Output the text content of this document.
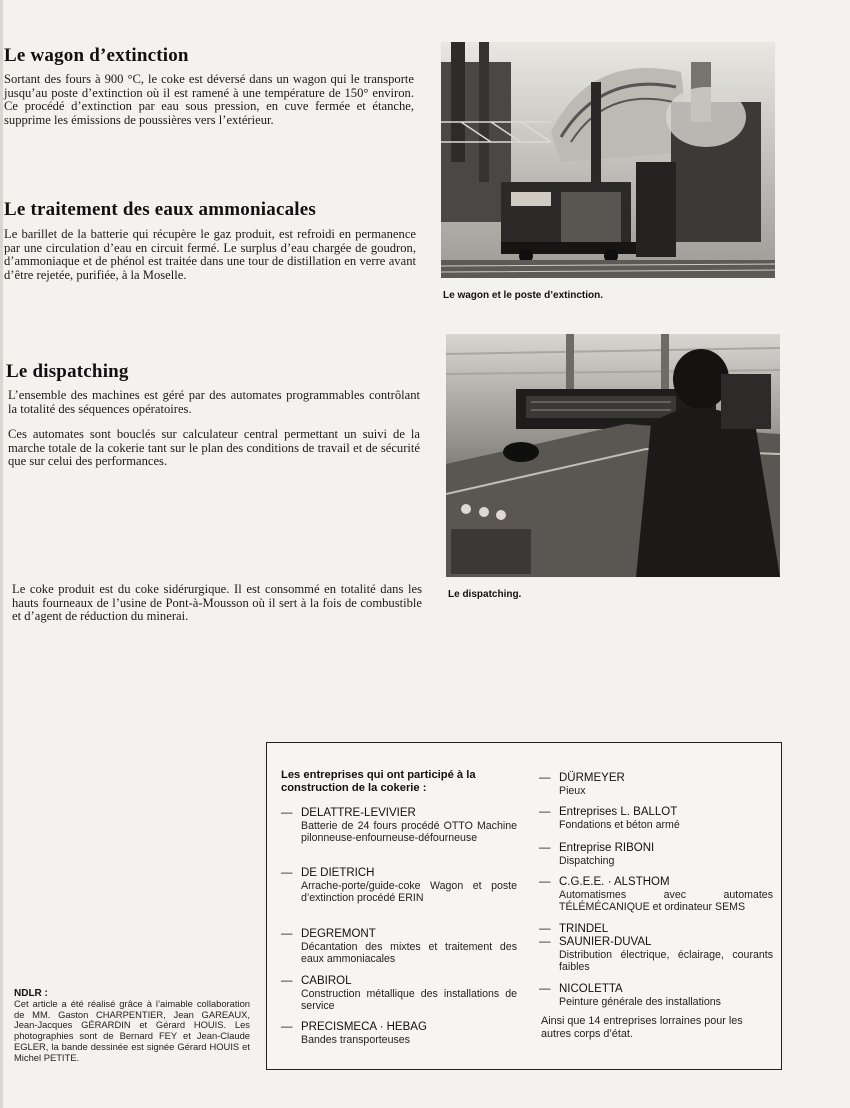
Le wagon d’extinction

Sortant des fours à 900 °C, le coke est déversé dans un wagon qui le transporte jusqu’au poste d’extinction où il est ramené à une température de 150° environ. Ce procédé d’extinction par eau sous pression, en cuve fermée et étanche, supprime les émissions de poussières vers l’extérieur.

Le traitement des eaux ammoniacales

Le barillet de la batterie qui récupère le gaz produit, est refroidi en permanence par une circulation d’eau en circuit fermé. Le surplus d’eau chargée de goudron, d’ammoniaque et de phénol est traitée dans une tour de distillation en verre avant d’être rejetée, purifiée, à la Moselle.

Le dispatching

L’ensemble des machines est géré par des automates programmables contrôlant la totalité des séquences opératoires.

Ces automates sont bouclés sur calculateur central permettant un suivi de la marche totale de la cokerie tant sur le plan des conditions de travail et de sécurité que sur celui des performances.

Le coke produit est du coke sidérurgique. Il est consommé en totalité dans les hauts fourneaux de l’usine de Pont-à-Mousson où il sert à la fois de combustible et d’agent de réduction du minerai.

Le wagon et le poste d’extinction.

Le dispatching.

Les entreprises qui ont participé à la construction de la cokerie :

— DELATTRE-LEVIVIER
Batterie de 24 fours procédé OTTO Machine pilonneuse-enfourneuse-défourneuse
— DE DIETRICH
Arrache-porte/guide-coke Wagon et poste d’extinction procédé ERIN
— DEGREMONT
Décantation des mixtes et traitement des eaux ammoniacales
— CABIROL
Construction métallique des installations de service
— PRECISMECA · HEBAG
Bandes transporteuses
— DÜRMEYER
Pieux
— Entreprises L. BALLOT
Fondations et béton armé
— Entreprise RIBONI
Dispatching
— C.G.E.E. · ALSTHOM
Automatismes avec automates TÉLÉMÉCANIQUE et ordinateur SEMS
— TRINDEL
— SAUNIER-DUVAL
Distribution électrique, éclairage, courants faibles
— NICOLETTA
Peinture générale des installations

Ainsi que 14 entreprises lorraines pour les autres corps d’état.

NDLR :

Cet article a été réalisé grâce à l’aimable collaboration de MM. Gaston CHARPENTIER, Jean GAREAUX, Jean-Jacques GÉRARDIN et Gérard HOUIS. Les photographies sont de Bernard FEY et Jean-Claude EGLER, la bande dessinée est signée Gérard HOUIS et Michel PETITE.
